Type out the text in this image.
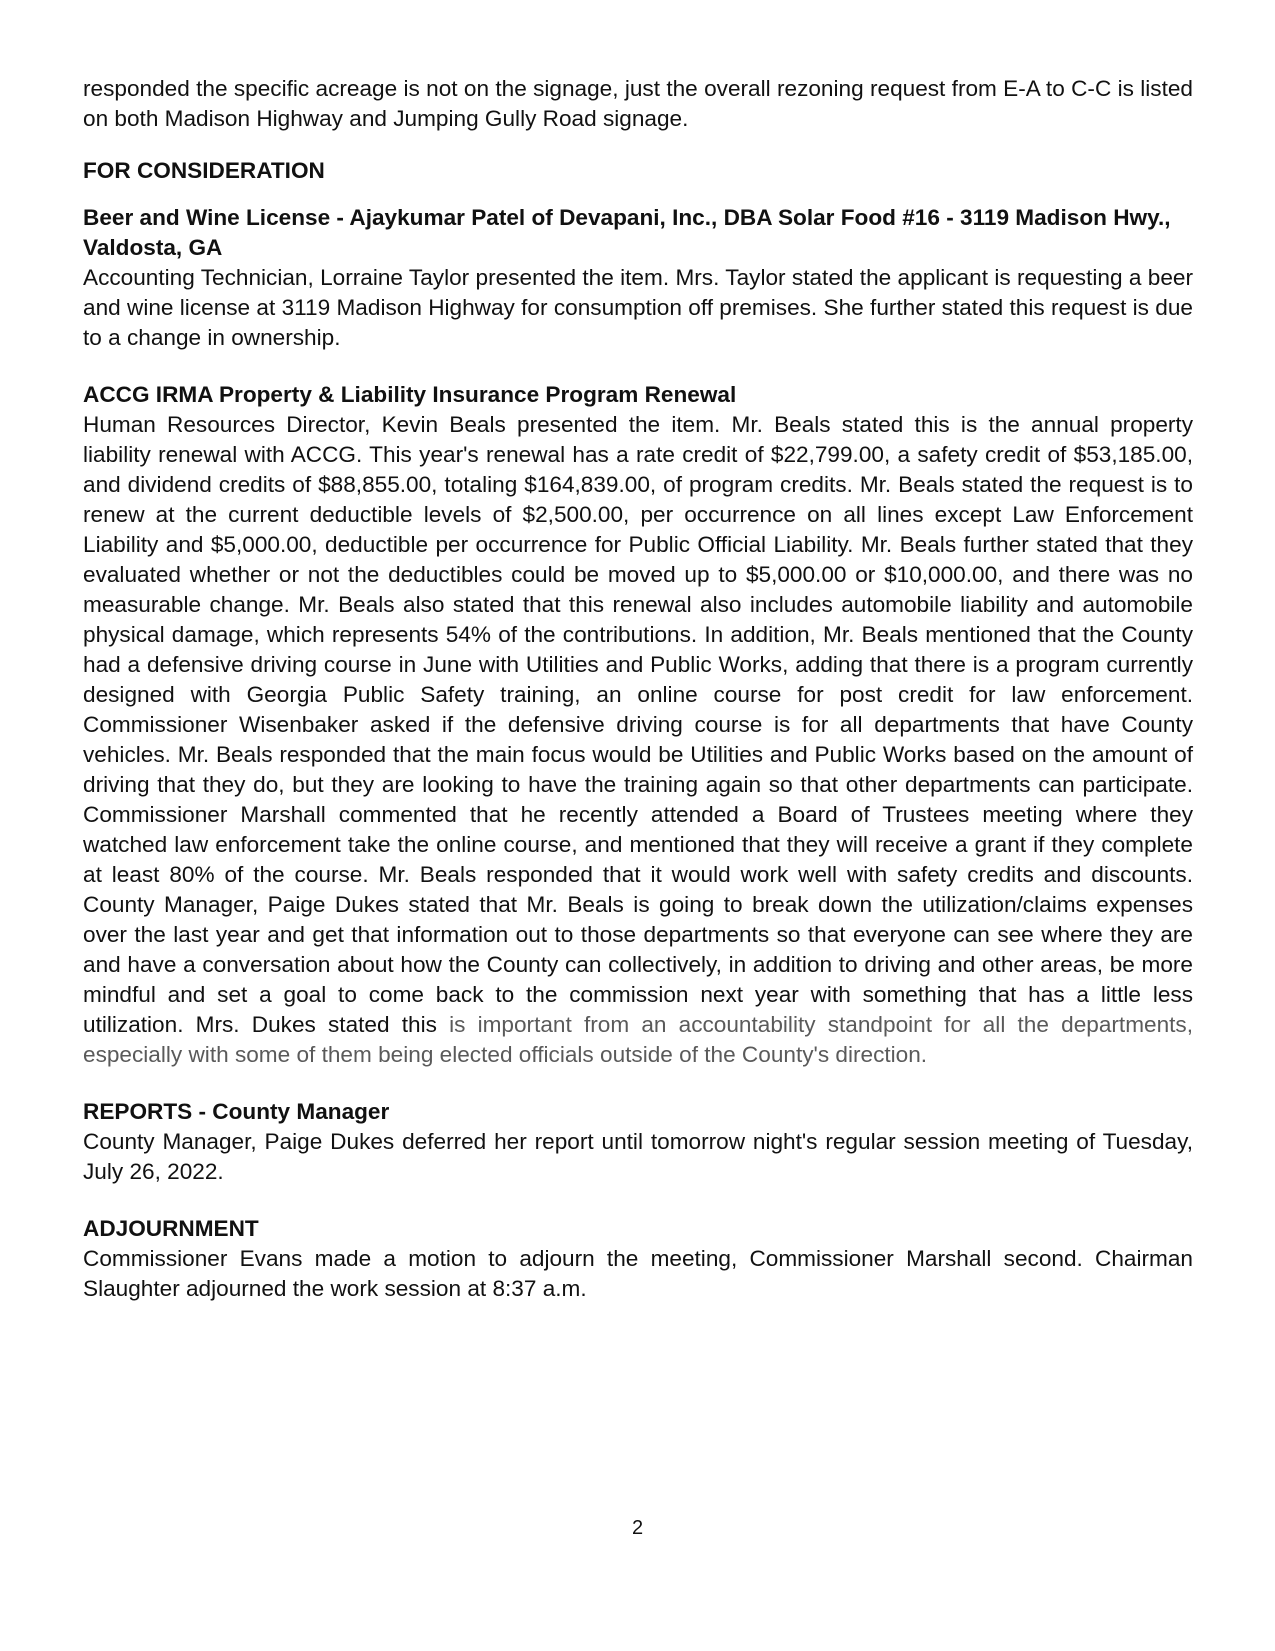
responded the specific acreage is not on the signage, just the overall rezoning request from E-A to C-C is listed on both Madison Highway and Jumping Gully Road signage.

FOR CONSIDERATION
Beer and Wine License - Ajaykumar Patel of Devapani, Inc., DBA Solar Food #16 - 3119 Madison Hwy., Valdosta, GA

Accounting Technician, Lorraine Taylor presented the item. Mrs. Taylor stated the applicant is requesting a beer and wine license at 3119 Madison Highway for consumption off premises. She further stated this request is due to a change in ownership.

ACCG IRMA Property & Liability Insurance Program Renewal

Human Resources Director, Kevin Beals presented the item. Mr. Beals stated this is the annual property liability renewal with ACCG. This year's renewal has a rate credit of $22,799.00, a safety credit of $53,185.00, and dividend credits of $88,855.00, totaling $164,839.00, of program credits. Mr. Beals stated the request is to renew at the current deductible levels of $2,500.00, per occurrence on all lines except Law Enforcement Liability and $5,000.00, deductible per occurrence for Public Official Liability. Mr. Beals further stated that they evaluated whether or not the deductibles could be moved up to $5,000.00 or $10,000.00, and there was no measurable change. Mr. Beals also stated that this renewal also includes automobile liability and automobile physical damage, which represents 54% of the contributions. In addition, Mr. Beals mentioned that the County had a defensive driving course in June with Utilities and Public Works, adding that there is a program currently designed with Georgia Public Safety training, an online course for post credit for law enforcement. Commissioner Wisenbaker asked if the defensive driving course is for all departments that have County vehicles. Mr. Beals responded that the main focus would be Utilities and Public Works based on the amount of driving that they do, but they are looking to have the training again so that other departments can participate. Commissioner Marshall commented that he recently attended a Board of Trustees meeting where they watched law enforcement take the online course, and mentioned that they will receive a grant if they complete at least 80% of the course. Mr. Beals responded that it would work well with safety credits and discounts. County Manager, Paige Dukes stated that Mr. Beals is going to break down the utilization/claims expenses over the last year and get that information out to those departments so that everyone can see where they are and have a conversation about how the County can collectively, in addition to driving and other areas, be more mindful and set a goal to come back to the commission next year with something that has a little less utilization. Mrs. Dukes stated this is important from an accountability standpoint for all the departments, especially with some of them being elected officials outside of the County's direction.

REPORTS - County Manager

County Manager, Paige Dukes deferred her report until tomorrow night's regular session meeting of Tuesday, July 26, 2022.

ADJOURNMENT

Commissioner Evans made a motion to adjourn the meeting, Commissioner Marshall second. Chairman Slaughter adjourned the work session at 8:37 a.m.

2
